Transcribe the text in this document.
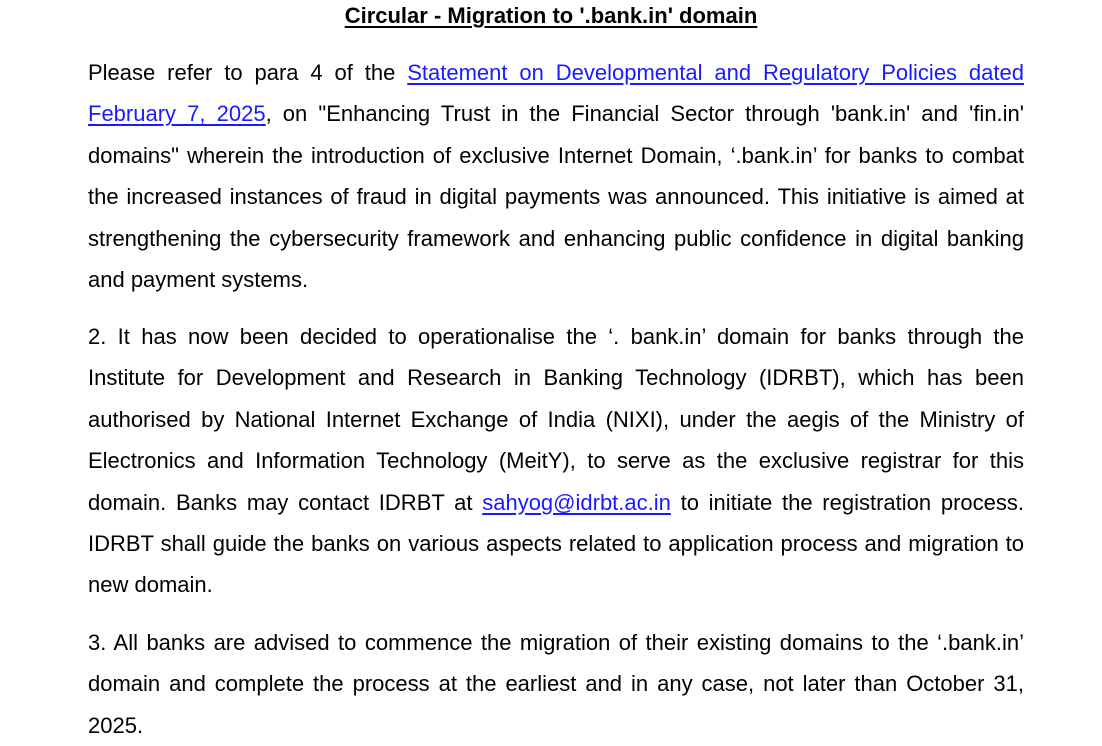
Circular - Migration to '.bank.in' domain

Please refer to para 4 of the Statement on Developmental and Regulatory Policies dated February 7, 2025, on "Enhancing Trust in the Financial Sector through 'bank.in' and 'fin.in' domains" wherein the introduction of exclusive Internet Domain, ‘.bank.in’ for banks to combat the increased instances of fraud in digital payments was announced. This initiative is aimed at strengthening the cybersecurity framework and enhancing public confidence in digital banking and payment systems.

2. It has now been decided to operationalise the ‘. bank.in’ domain for banks through the Institute for Development and Research in Banking Technology (IDRBT), which has been authorised by National Internet Exchange of India (NIXI), under the aegis of the Ministry of Electronics and Information Technology (MeitY), to serve as the exclusive registrar for this domain. Banks may contact IDRBT at sahyog@idrbt.ac.in to initiate the registration process. IDRBT shall guide the banks on various aspects related to application process and migration to new domain.

3. All banks are advised to commence the migration of their existing domains to the ‘.bank.in’ domain and complete the process at the earliest and in any case, not later than October 31, 2025.
